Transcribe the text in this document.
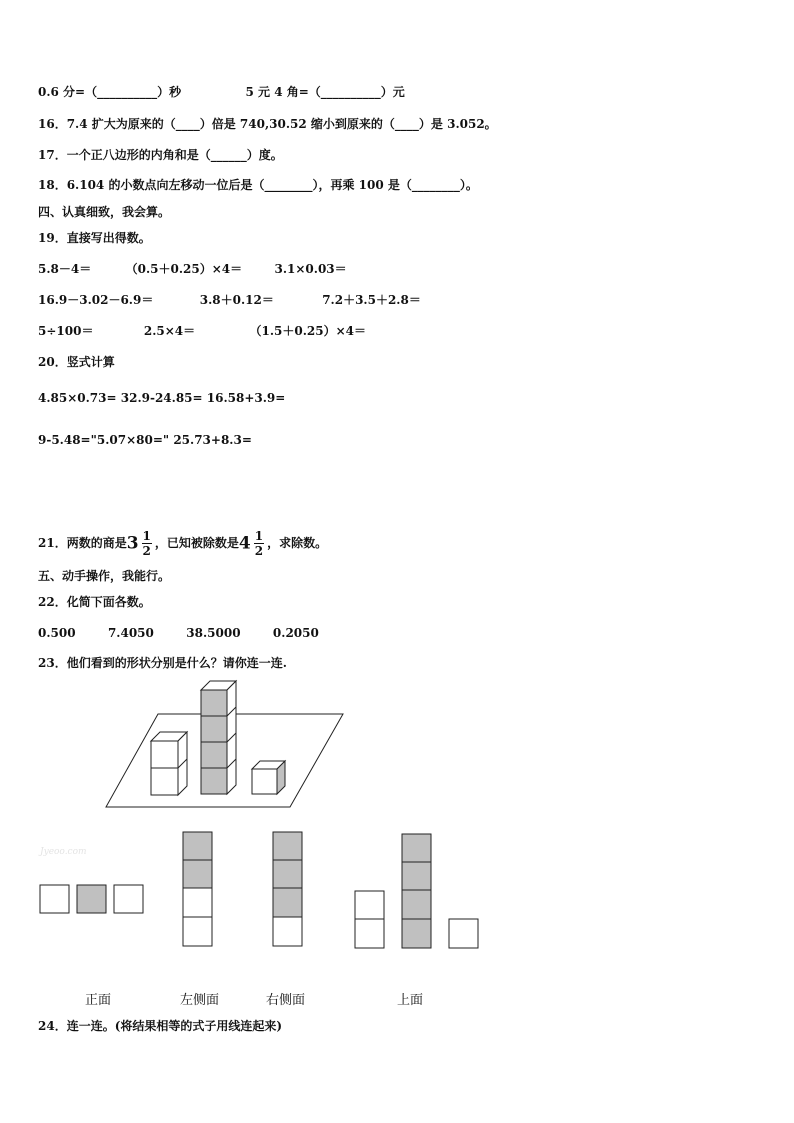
0.6 分=（__________）秒	5 元 4 角=（__________）元
16．7.4 扩大为原来的（____）倍是 740,30.52 缩小到原来的（____）是 3.052。
17．一个正八边形的内角和是（______）度。
18．6.104 的小数点向左移动一位后是（________），再乘 100 是（________）。
四、认真细致，我会算。
19．直接写出得数。
5.8－4＝	（0.5＋0.25）×4＝	3.1×0.03＝
16.9－3.02－6.9＝	3.8＋0.12＝	7.2＋3.5＋2.8＝
5÷100＝	2.5×4＝	（1.5＋0.25）×4＝
20．竖式计算
4.85×0.73= 32.9-24.85= 16.58+3.9=
9-5.48="5.07×80=" 25.73+8.3=
21．两数的商是$3 \frac{1}{2}$ ，已知被除数是$4 \frac{1}{2}$ ，求除数。
五、动手操作，我能行。
22．化简下面各数。
0.500	7.4050	38.5000	0.2050
23．他们看到的形状分别是什么？请你连一连.
Jyeoo.com
正面	左侧面	右侧面	上面
24．连一连。(将结果相等的式子用线连起来)
